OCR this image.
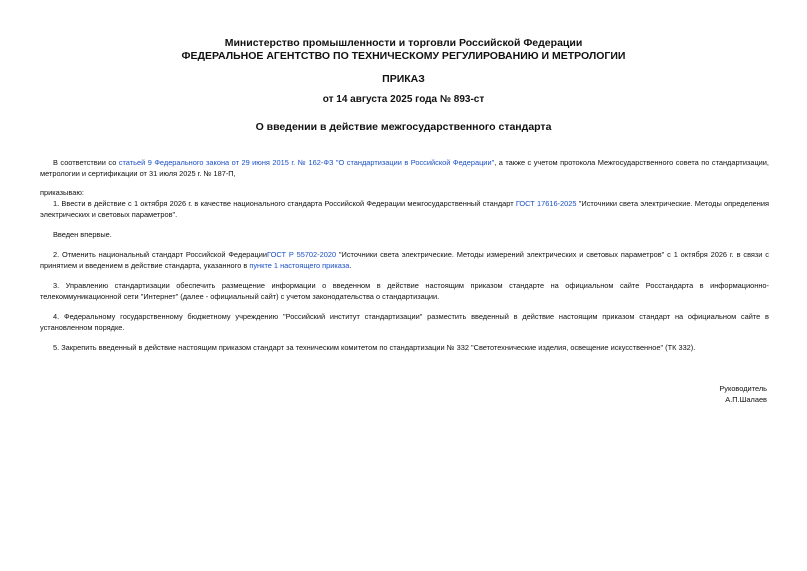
Министерство промышленности и торговли Российской Федерации
ФЕДЕРАЛЬНОЕ АГЕНТСТВО ПО ТЕХНИЧЕСКОМУ РЕГУЛИРОВАНИЮ И МЕТРОЛОГИИ
ПРИКАЗ
от 14 августа 2025 года № 893-ст
О введении в действие межгосударственного стандарта
В соответствии со статьей 9 Федерального закона от 29 июня 2015 г. № 162-ФЗ "О стандартизации в Российской Федерации", а также с учетом протокола Межгосударственного совета по стандартизации, метрологии и сертификации от 31 июля 2025 г. № 187-П,
приказываю:
1. Ввести в действие с 1 октября 2026 г. в качестве национального стандарта Российской Федерации межгосударственный стандарт ГОСТ 17616-2025 "Источники света электрические. Методы определения электрических и световых параметров".
Введен впервые.
2. Отменить национальный стандарт Российской ФедерацииГОСТ Р 55702-2020 "Источники света электрические. Методы измерений электрических и световых параметров" с 1 октября 2026 г. в связи с принятием и введением в действие стандарта, указанного в пункте 1 настоящего приказа.
3. Управлению стандартизации обеспечить размещение информации о введенном в действие настоящим приказом стандарте на официальном сайте Росстандарта в информационно-телекоммуникационной сети "Интернет" (далее - официальный сайт) с учетом законодательства о стандартизации.
4. Федеральному государственному бюджетному учреждению "Российский институт стандартизации" разместить введенный в действие настоящим приказом стандарт на официальном сайте в установленном порядке.
5. Закрепить введенный в действие настоящим приказом стандарт за техническим комитетом по стандартизации № 332 "Светотехнические изделия, освещение искусственное" (ТК 332).
Руководитель
А.П.Шалаев
